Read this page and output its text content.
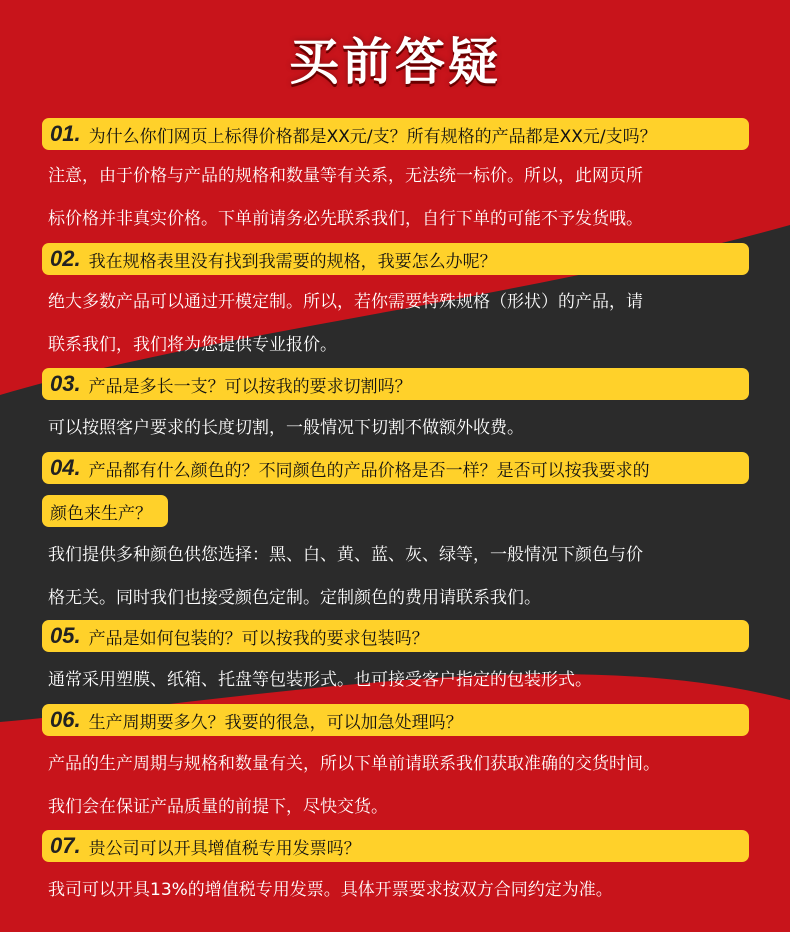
买前答疑
01. 为什么你们网页上标得价格都是XX元/支？所有规格的产品都是XX元/支吗？
注意，由于价格与产品的规格和数量等有关系，无法统一标价。所以，此网页所
标价格并非真实价格。下单前请务必先联系我们，自行下单的可能不予发货哦。
02. 我在规格表里没有找到我需要的规格，我要怎么办呢？
绝大多数产品可以通过开模定制。所以，若你需要特殊规格（形状）的产品，请
联系我们，我们将为您提供专业报价。
03. 产品是多长一支？可以按我的要求切割吗？
可以按照客户要求的长度切割，一般情况下切割不做额外收费。
04. 产品都有什么颜色的？不同颜色的产品价格是否一样？是否可以按我要求的
颜色来生产？
我们提供多种颜色供您选择：黑、白、黄、蓝、灰、绿等，一般情况下颜色与价
格无关。同时我们也接受颜色定制。定制颜色的费用请联系我们。
05. 产品是如何包装的？可以按我的要求包装吗？
通常采用塑膜、纸箱、托盘等包装形式。也可接受客户指定的包装形式。
06. 生产周期要多久？我要的很急，可以加急处理吗？
产品的生产周期与规格和数量有关，所以下单前请联系我们获取准确的交货时间。
我们会在保证产品质量的前提下，尽快交货。
07. 贵公司可以开具增值税专用发票吗？
我司可以开具13%的增值税专用发票。具体开票要求按双方合同约定为准。
